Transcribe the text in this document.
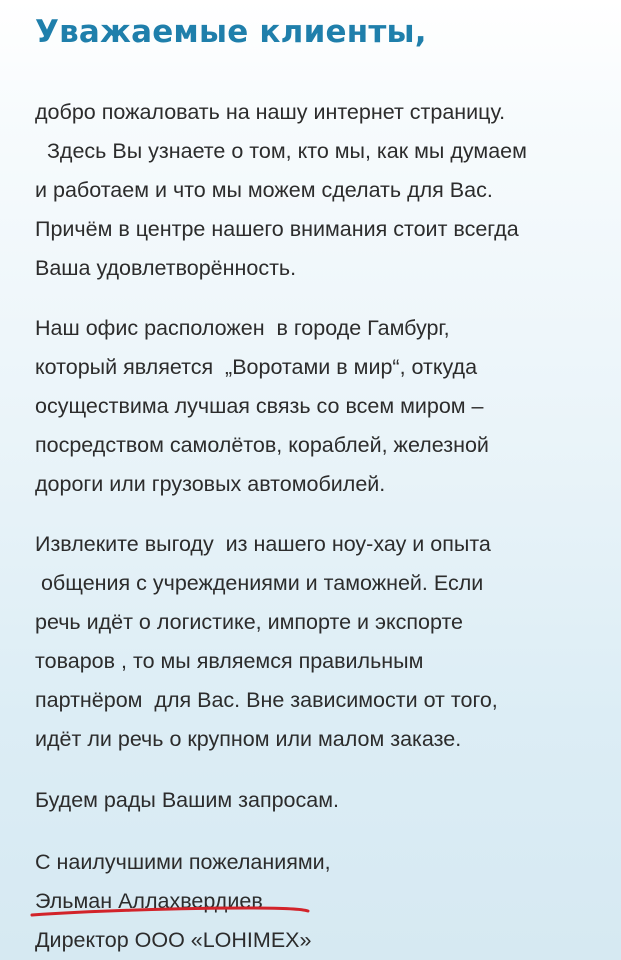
Уважаемые клиенты,
добро пожаловать на нашу интернет страницу.
Здесь Вы узнаете о том, кто мы, как мы думаем
и работаем и что мы можем сделать для Вас.
Причём в центре нашего внимания стоит всегда
Ваша удовлетворённость.
Наш офис расположен  в городе Гамбург,
который является  „Воротами в мир“, откуда
осуществима лучшая связь со всем миром –
посредством самолётов, кораблей, железной
дороги или грузовых автомобилей.
Извлеките выгоду  из нашего ноу-хау и опыта
общения с учреждениями и таможней. Если
речь идёт о логистике, импорте и экспорте
товаров , то мы являемся правильным
партнёром  для Вас. Вне зависимости от того,
идёт ли речь о крупном или малом заказе.
Будем рады Вашим запросам.
С наилучшими пожеланиями,
Эльман Аллахвердиев
Директор ООО «LOHIMEX»
